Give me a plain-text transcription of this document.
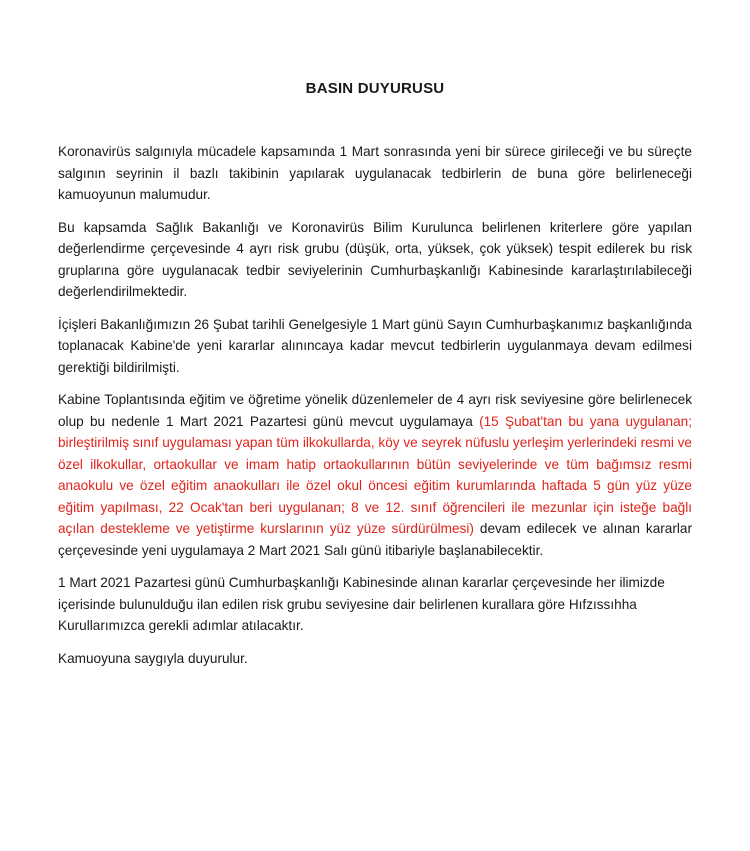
BASIN DUYURUSU

Koronavirüs salgınıyla mücadele kapsamında 1 Mart sonrasında yeni bir sürece girileceği ve bu süreçte salgının seyrinin il bazlı takibinin yapılarak uygulanacak tedbirlerin de buna göre belirleneceği kamuoyunun malumudur.

Bu kapsamda Sağlık Bakanlığı ve Koronavirüs Bilim Kurulunca belirlenen kriterlere göre yapılan değerlendirme çerçevesinde 4 ayrı risk grubu (düşük, orta, yüksek, çok yüksek) tespit edilerek bu risk gruplarına göre uygulanacak tedbir seviyelerinin Cumhurbaşkanlığı Kabinesinde kararlaştırılabileceği değerlendirilmektedir.

İçişleri Bakanlığımızın 26 Şubat tarihli Genelgesiyle 1 Mart günü Sayın Cumhurbaşkanımız başkanlığında toplanacak Kabine'de yeni kararlar alınıncaya kadar mevcut tedbirlerin uygulanmaya devam edilmesi gerektiği bildirilmişti.

Kabine Toplantısında eğitim ve öğretime yönelik düzenlemeler de 4 ayrı risk seviyesine göre belirlenecek olup bu nedenle 1 Mart 2021 Pazartesi günü mevcut uygulamaya (15 Şubat'tan bu yana uygulanan; birleştirilmiş sınıf uygulaması yapan tüm ilkokullarda, köy ve seyrek nüfuslu yerleşim yerlerindeki resmi ve özel ilkokullar, ortaokullar ve imam hatip ortaokullarının bütün seviyelerinde ve tüm bağımsız resmi anaokulu ve özel eğitim anaokulları ile özel okul öncesi eğitim kurumlarında haftada 5 gün yüz yüze eğitim yapılması, 22 Ocak'tan beri uygulanan; 8 ve 12. sınıf öğrencileri ile mezunlar için isteğe bağlı açılan destekleme ve yetiştirme kurslarının yüz yüze sürdürülmesi) devam edilecek ve alınan kararlar çerçevesinde yeni uygulamaya 2 Mart 2021 Salı günü itibariyle başlanabilecektir.

1 Mart 2021 Pazartesi günü Cumhurbaşkanlığı Kabinesinde alınan kararlar çerçevesinde her ilimizde içerisinde bulunulduğu ilan edilen risk grubu seviyesine dair belirlenen kurallara göre Hıfzıssıhha Kurullarımızca gerekli adımlar atılacaktır.

Kamuoyuna saygıyla duyurulur.
